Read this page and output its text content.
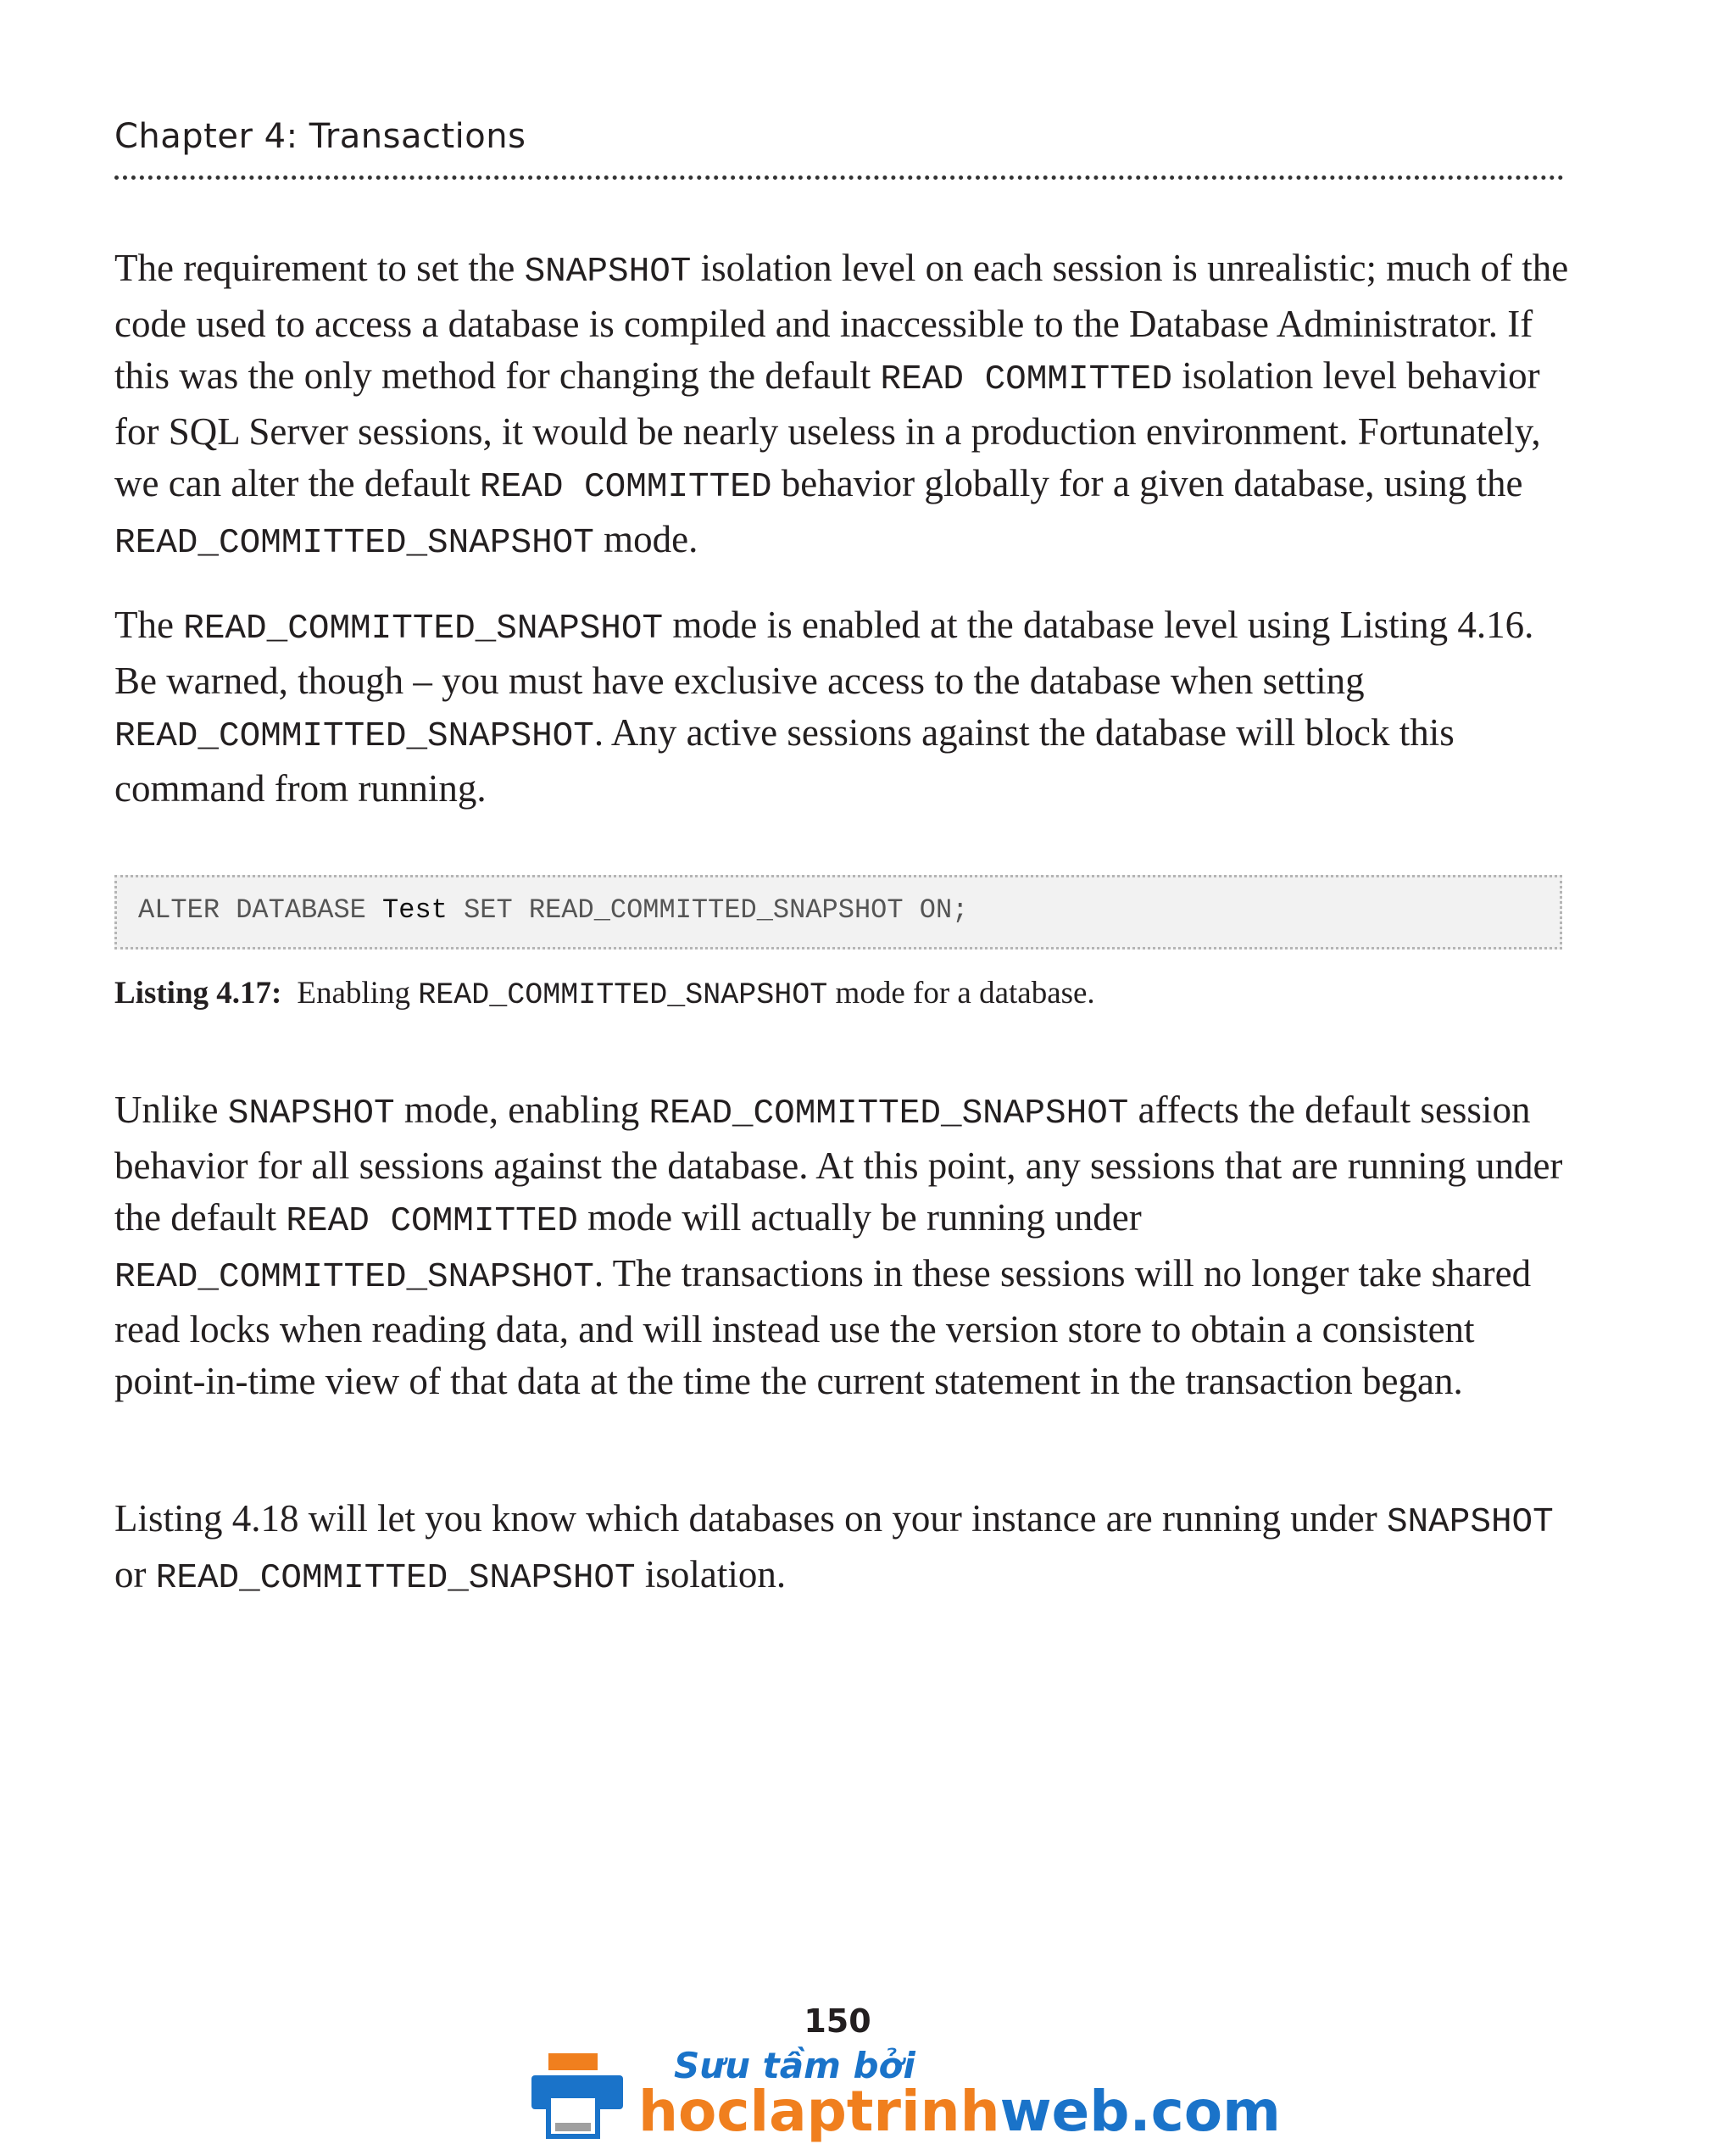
Chapter 4: Transactions

The requirement to set the SNAPSHOT isolation level on each session is unrealistic; much of the code used to access a database is compiled and inaccessible to the Database Administrator. If this was the only method for changing the default READ COMMITTED isolation level behavior for SQL Server sessions, it would be nearly useless in a production environment. Fortunately, we can alter the default READ COMMITTED behavior globally for a given database, using the READ_COMMITTED_SNAPSHOT mode.

The READ_COMMITTED_SNAPSHOT mode is enabled at the database level using Listing 4.16. Be warned, though – you must have exclusive access to the database when setting READ_COMMITTED_SNAPSHOT. Any active sessions against the database will block this command from running.

ALTER DATABASE Test SET READ_COMMITTED_SNAPSHOT ON;
Listing 4.17: Enabling READ_COMMITTED_SNAPSHOT mode for a database.

Unlike SNAPSHOT mode, enabling READ_COMMITTED_SNAPSHOT affects the default session behavior for all sessions against the database. At this point, any sessions that are running under the default READ COMMITTED mode will actually be running under READ_COMMITTED_SNAPSHOT. The transactions in these sessions will no longer take shared read locks when reading data, and will instead use the version store to obtain a consistent point-in-time view of that data at the time the current statement in the transaction began.

Listing 4.18 will let you know which databases on your instance are running under SNAPSHOT or READ_COMMITTED_SNAPSHOT isolation.

150
Sưu tầm bởi
hoclaptrinhweb.com
